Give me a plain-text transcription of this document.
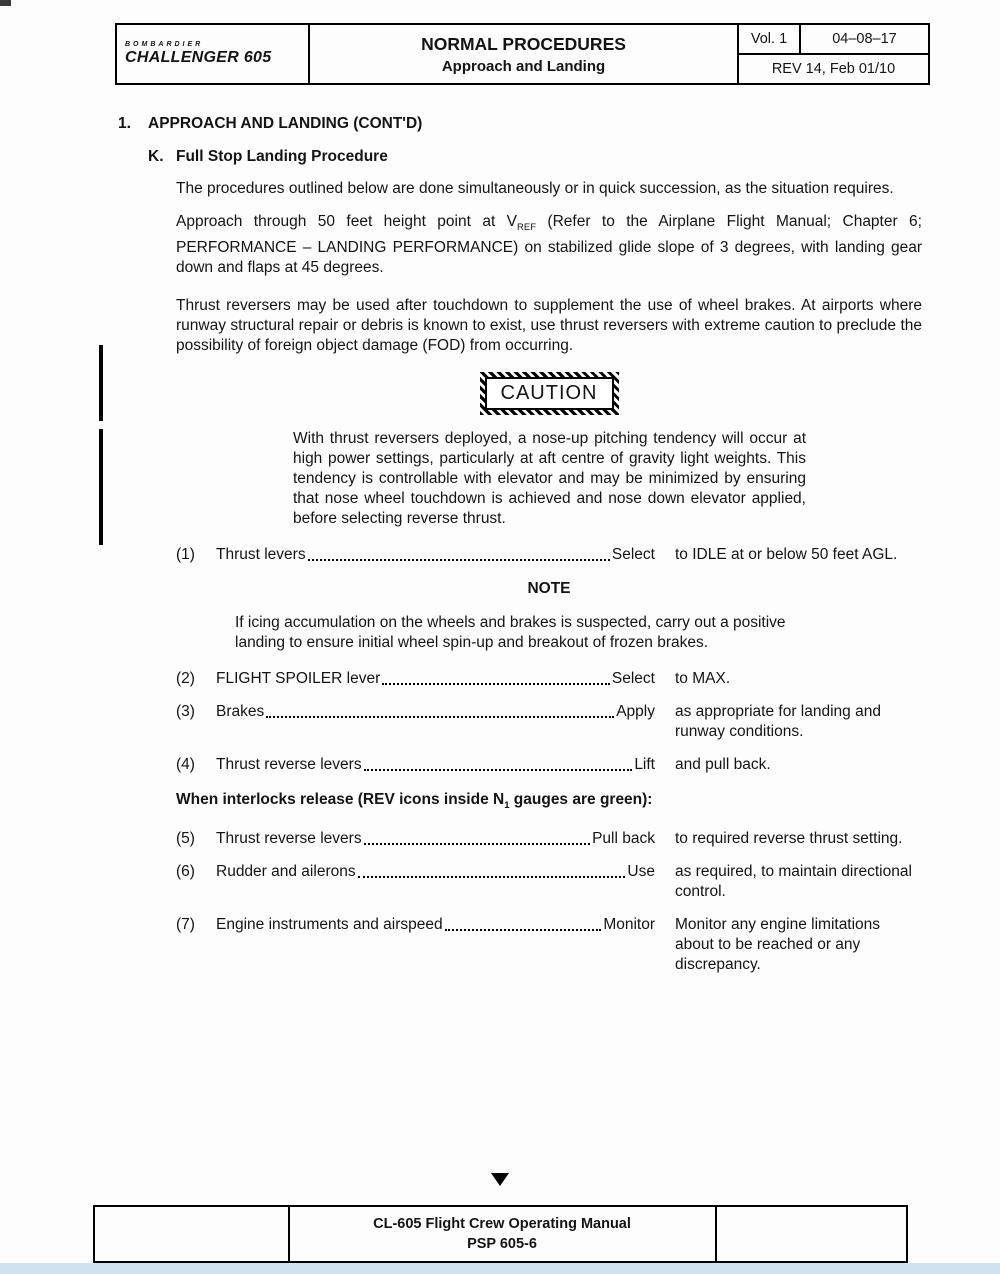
BOMBARDIER
CHALLENGER 605
NORMAL PROCEDURES
Approach and Landing
Vol. 1	04–08–17
REV 14, Feb 01/10
1.	APPROACH AND LANDING (CONT'D)
K. Full Stop Landing Procedure
The procedures outlined below are done simultaneously or in quick succession, as the situation requires.
Approach through 50 feet height point at $V_{REF}$ (Refer to the Airplane Flight Manual; Chapter 6; PERFORMANCE – LANDING PERFORMANCE) on stabilized glide slope of 3 degrees, with landing gear down and flaps at 45 degrees.
Thrust reversers may be used after touchdown to supplement the use of wheel brakes. At airports where runway structural repair or debris is known to exist, use thrust reversers with extreme caution to preclude the possibility of foreign object damage (FOD) from occurring.
CAUTION
With thrust reversers deployed, a nose-up pitching tendency will occur at high power settings, particularly at aft centre of gravity light weights. This tendency is controllable with elevator and may be minimized by ensuring that nose wheel touchdown is achieved and nose down elevator applied, before selecting reverse thrust.
(1)	Thrust levers	Select to IDLE at or below 50 feet AGL.
NOTE
If icing accumulation on the wheels and brakes is suspected, carry out a positive landing to ensure initial wheel spin-up and breakout of frozen brakes.
(2)	FLIGHT SPOILER lever	Select to MAX.
(3)	Brakes	Apply as appropriate for landing and runway conditions.
(4)	Thrust reverse levers	Lift and pull back.
When interlocks release (REV icons inside $N_1$ gauges are green):
(5)	Thrust reverse levers	Pull back to required reverse thrust setting.
(6)	Rudder and ailerons	Use as required, to maintain directional control.
(7)	Engine instruments and airspeed	Monitor Monitor any engine limitations about to be reached or any discrepancy.
CL-605 Flight Crew Operating Manual
PSP 605-6
